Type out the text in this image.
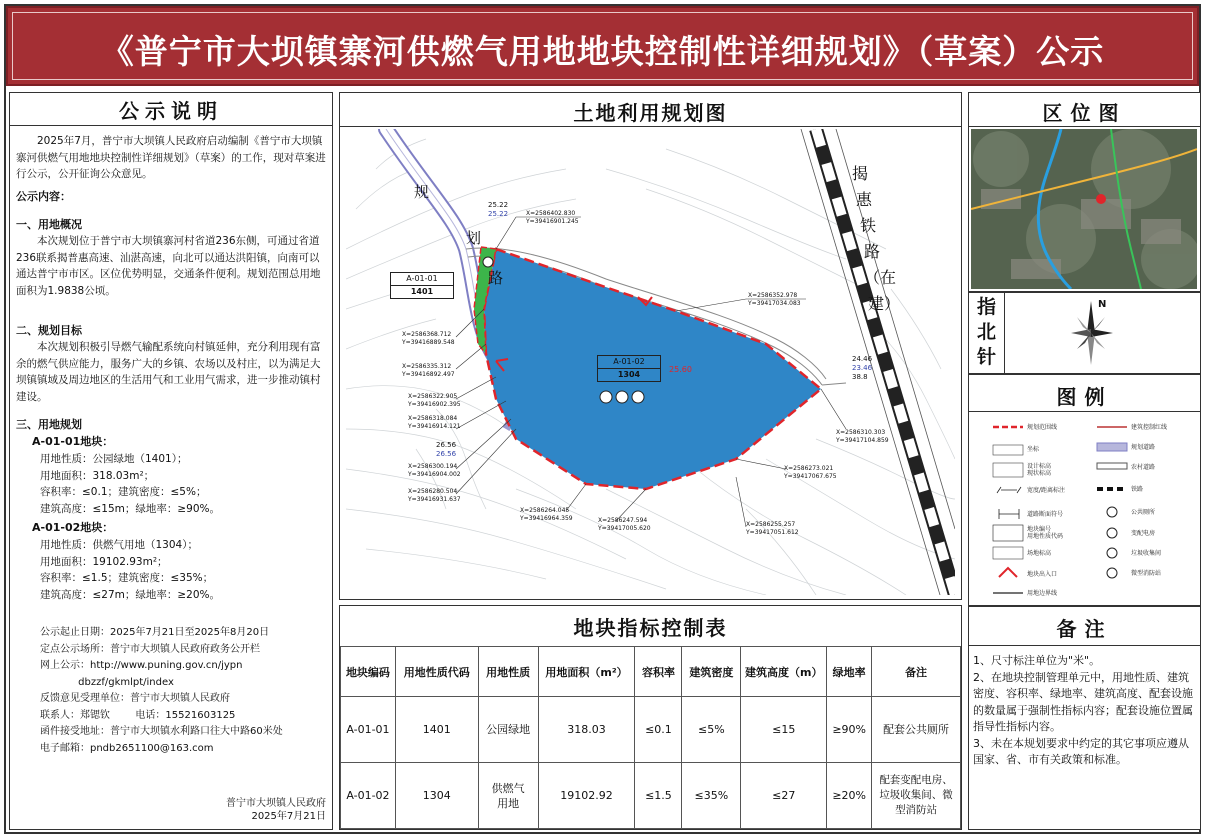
《普宁市大坝镇寨河供燃气用地地块控制性详细规划》（草案）公示
公示说明
2025年7月，普宁市大坝镇人民政府启动编制《普宁市大坝镇寨河供燃气用地地块控制性详细规划》（草案）的工作，现对草案进行公示，公开征询公众意见。
公示内容：
一、用地概况
本次规划位于普宁市大坝镇寨河村省道236东侧，可通过省道236联系揭普惠高速、汕湛高速，向北可以通达洪阳镇，向南可以通达普宁市市区。区位优势明显，交通条件便利。规划范围总用地面积为1.9838公顷。
二、规划目标
本次规划积极引导燃气输配系统向村镇延伸，充分利用现有富余的燃气供应能力，服务广大的乡镇、农场以及村庄，以为满足大坝镇镇域及周边地区的生活用气和工业用气需求，进一步推动镇村建设。
三、用地规划
A-01-01地块：
用地性质：公园绿地（1401）；
用地面积：318.03m²；
容积率：≤0.1；建筑密度：≤5%；
建筑高度：≤15m；绿地率：≥90%。
A-01-02地块：
用地性质：供燃气用地（1304）；
用地面积：19102.93m²；
容积率：≤1.5；建筑密度：≤35%；
建筑高度：≤27m；绿地率：≥20%。
公示起止日期：2025年7月21日至2025年8月20日
定点公示场所：普宁市大坝镇人民政府政务公开栏
网上公示：http://www.puning.gov.cn/jypn
dbzzf/gkmlpt/index
反馈意见受理单位：普宁市大坝镇人民政府
联系人：郑锶钦        电话：15521603125
函件接受地址：普宁市大坝镇水利路口往大中路60米处
电子邮箱：pndb2651100@163.com
普宁市大坝镇人民政府
2025年7月21日
土地利用规划图
规
划
揭
惠
铁
路
（在
建）
A-01-01
1401
A-01-02
1304
25.60
25.22
25.22
26.56
26.56
24.46
23.46
38.8
X=2586402.830
Y=39416901.245
X=2586352.978
Y=39417034.083
X=2586368.712
Y=39416889.548
X=2586335.312
Y=39416892.497
X=2586322.905
Y=39416902.395
X=2586318.084
Y=39416914.121
X=2586300.194
Y=39416904.002
X=2586280.504
Y=39416931.637
X=2586310.303
Y=39417104.859
X=2586273.021
Y=39417067.675
X=2586264.045
Y=39416964.359	X=2586247.594
Y=39417005.620
X=2586255.257
Y=39417051.612
地块指标控制表
地块编码	用地性质代码	用地性质	用地面积（m²）	容积率	建筑密度	建筑高度（m）	绿地率	备注
A-01-01	1401	公园绿地	318.03	≤0.1	≤5%	≤15	≥90%	配套公共厕所
A-01-02	1304	供燃气用地	19102.92	≤1.5	≤35%	≤27	≥20%	配套变配电房、垃圾收集间、微型消防站
区位图
指北针
N
图例
规划范围线
坐标
设计标高
现状标高
宽度/距离标注
道路断面符号
地块编号
用地性质代码
场地标高
地块出入口
用地边界线
建筑控制红线
规划道路
农村道路
铁路
公共厕所
变配电房
垃圾收集间
微型消防站
备注
1、尺寸标注单位为"米"。
2、在地块控制管理单元中，用地性质、建筑密度、容积率、绿地率、建筑高度、配套设施的数量属于强制性指标内容；配套设施位置属指导性指标内容。
3、未在本规划要求中约定的其它事项应遵从国家、省、市有关政策和标准。
